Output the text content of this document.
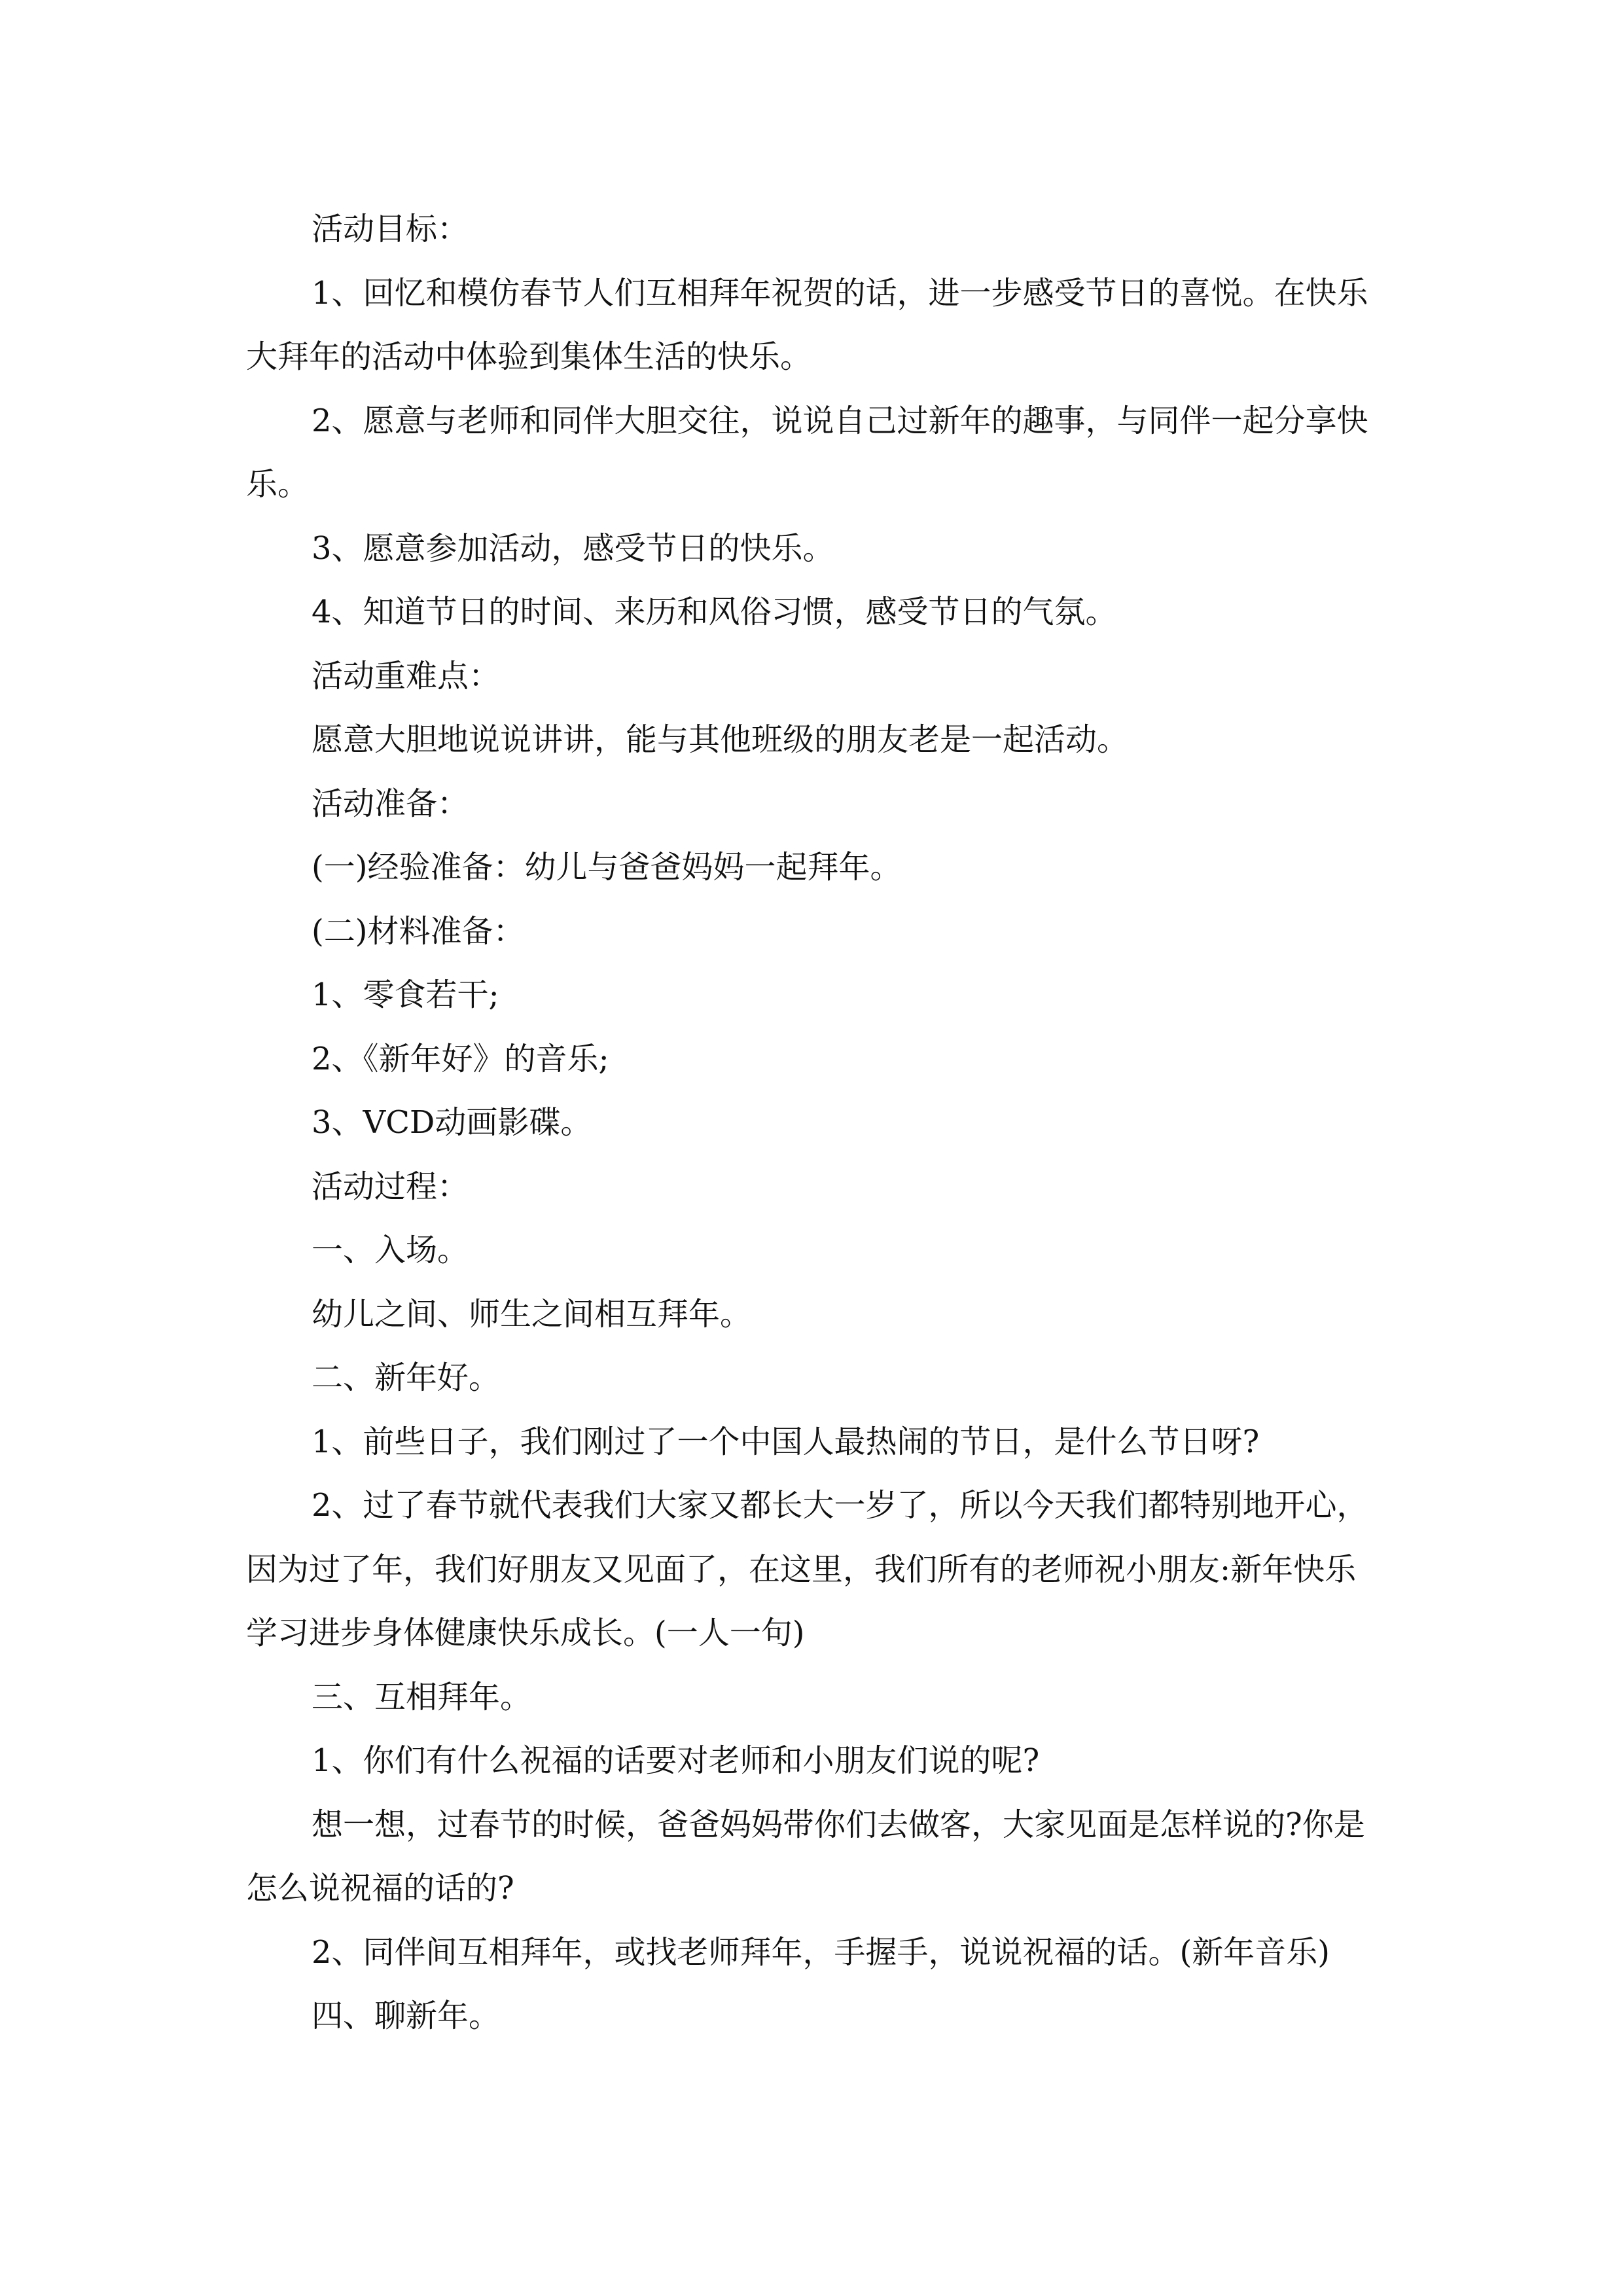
活动目标：

1、回忆和模仿春节人们互相拜年祝贺的话，进一步感受节日的喜悦。在快乐大拜年的活动中体验到集体生活的快乐。

2、愿意与老师和同伴大胆交往，说说自己过新年的趣事，与同伴一起分享快乐。

3、愿意参加活动，感受节日的快乐。

4、知道节日的时间、来历和风俗习惯，感受节日的气氛。

活动重难点：

愿意大胆地说说讲讲，能与其他班级的朋友老是一起活动。

活动准备：

(一)经验准备：幼儿与爸爸妈妈一起拜年。

(二)材料准备：

1、零食若干;

2、《新年好》的音乐;

3、VCD动画影碟。

活动过程：

一、入场。

幼儿之间、师生之间相互拜年。

二、新年好。

1、前些日子，我们刚过了一个中国人最热闹的节日，是什么节日呀?

2、过了春节就代表我们大家又都长大一岁了，所以今天我们都特别地开心，因为过了年，我们好朋友又见面了，在这里，我们所有的老师祝小朋友:新年快乐学习进步身体健康快乐成长。(一人一句)

三、互相拜年。

1、你们有什么祝福的话要对老师和小朋友们说的呢?

想一想，过春节的时候，爸爸妈妈带你们去做客，大家见面是怎样说的?你是怎么说祝福的话的?

2、同伴间互相拜年，或找老师拜年，手握手，说说祝福的话。(新年音乐)

四、聊新年。
